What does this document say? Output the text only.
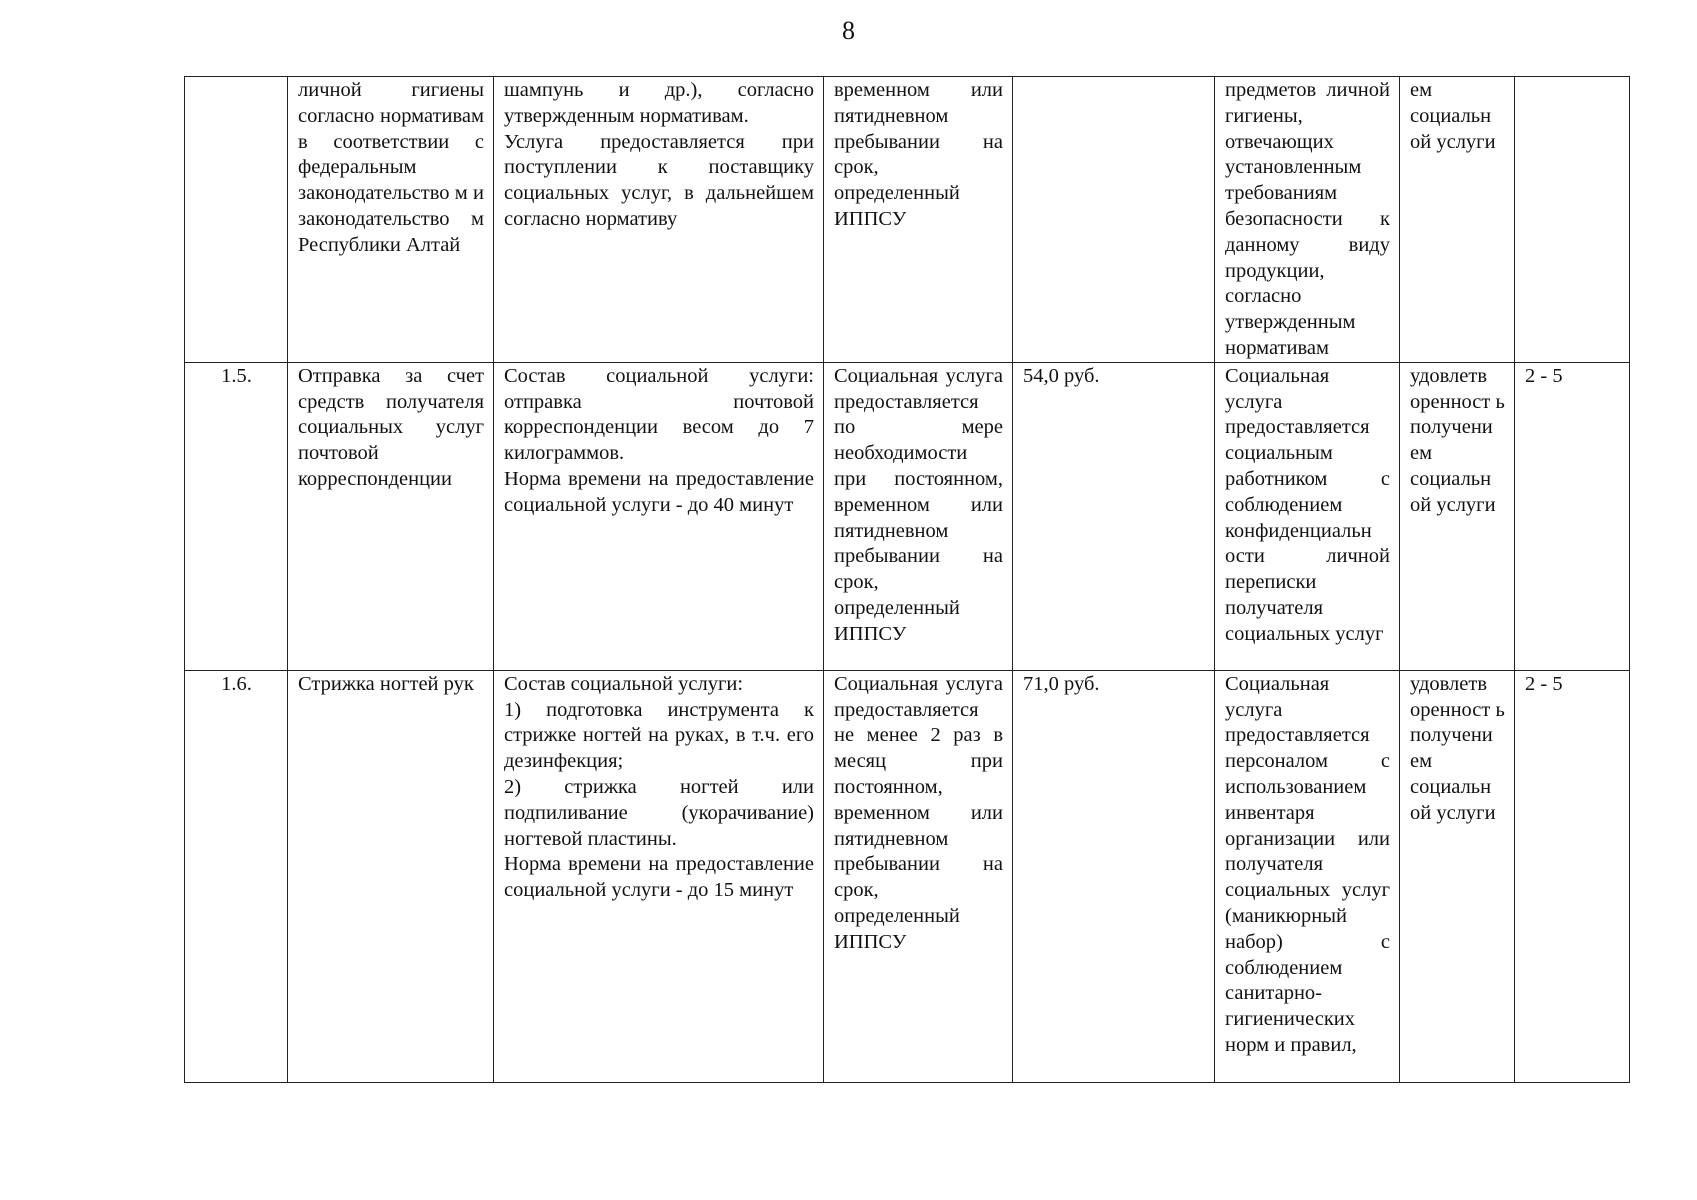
8
	личной гигиены согласно нормативам в соответствии с федеральным законодательство м и законодательство м Республики Алтай	шампунь и др.), согласно утвержденным нормативам.
Услуга предоставляется при поступлении к поставщику социальных услуг, в дальнейшем согласно нормативу	временном или пятидневном пребывании на срок, определенный ИППСУ		предметов личной гигиены, отвечающих установленным требованиям безопасности к данному виду продукции, согласно утвержденным нормативам	ем социальн ой услуги	
1.5.	Отправка за счет средств получателя социальных услуг почтовой корреспонденции	Состав социальной услуги: отправка почтовой корреспонденции весом до 7 килограммов.
Норма времени на предоставление социальной услуги - до 40 минут	Социальная услуга предоставляется по мере необходимости при постоянном, временном или пятидневном пребывании на срок, определенный ИППСУ	54,0 руб.	Социальная услуга предоставляется социальным работником с соблюдением конфиденциальн ости личной переписки получателя социальных услуг	удовлетв оренност ь получени ем социальн ой услуги	2 - 5
1.6.	Стрижка ногтей рук	Состав социальной услуги:
1) подготовка инструмента к стрижке ногтей на руках, в т.ч. его дезинфекция;
2) стрижка ногтей или подпиливание (укорачивание) ногтевой пластины.
Норма времени на предоставление социальной услуги - до 15 минут	Социальная услуга предоставляется не менее 2 раз в месяц при постоянном, временном или пятидневном пребывании на срок, определенный ИППСУ	71,0 руб.	Социальная услуга предоставляется персоналом с использованием инвентаря организации или получателя социальных услуг (маникюрный набор) с соблюдением санитарно-гигиенических норм и правил,	удовлетв оренност ь получени ем социальн ой услуги	2 - 5
